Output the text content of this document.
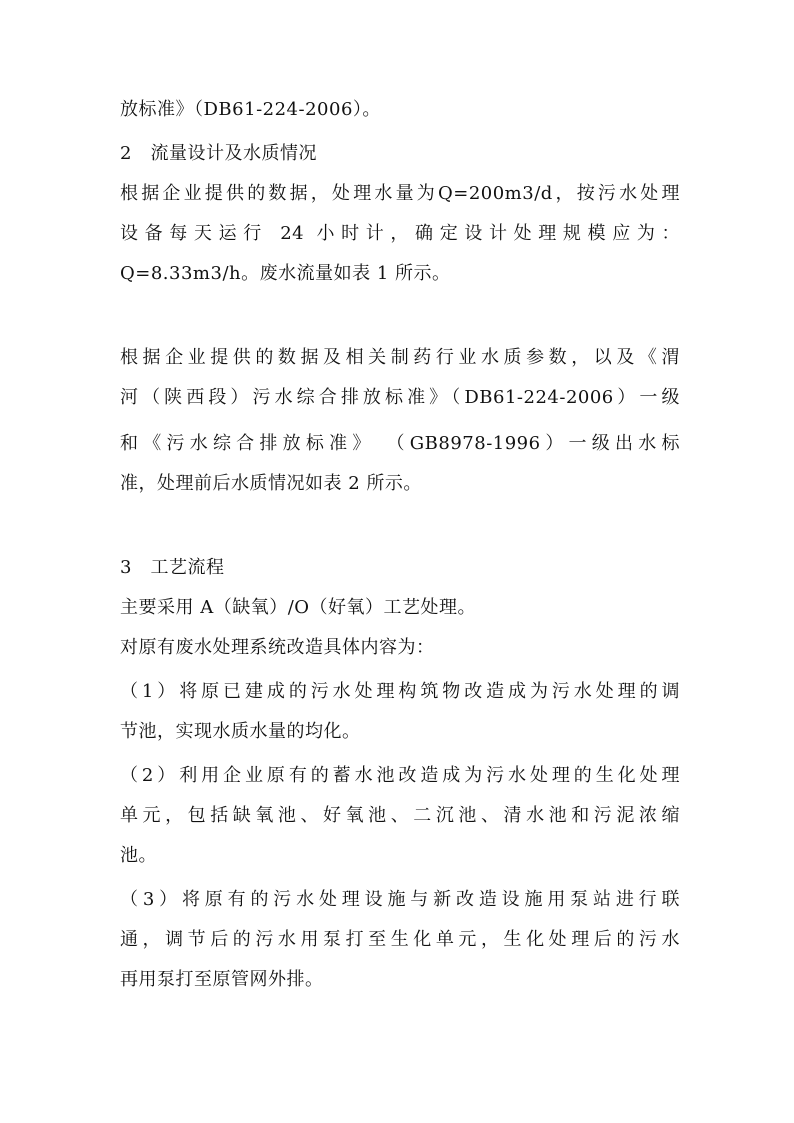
放标准》（DB61-224-2006）。
2　流量设计及水质情况
根据企业提供的数据，处理水量为Q=200m3/d，按污水处理
设备每天运行 24 小时计，确定设计处理规模应为：
Q=8.33m3/h。废水流量如表 1 所示。
根据企业提供的数据及相关制药行业水质参数，以及《渭
河（陕西段）污水综合排放标准》（DB61-224-2006）一级
和《污水综合排放标准》 （GB8978-1996）一级出水标
准，处理前后水质情况如表 2 所示。
3　工艺流程
主要采用 A（缺氧）/O（好氧）工艺处理。
对原有废水处理系统改造具体内容为：
（1）将原已建成的污水处理构筑物改造成为污水处理的调
节池，实现水质水量的均化。
（2）利用企业原有的蓄水池改造成为污水处理的生化处理
单元，包括缺氧池、好氧池、二沉池、清水池和污泥浓缩
池。
（3）将原有的污水处理设施与新改造设施用泵站进行联
通，调节后的污水用泵打至生化单元，生化处理后的污水
再用泵打至原管网外排。
